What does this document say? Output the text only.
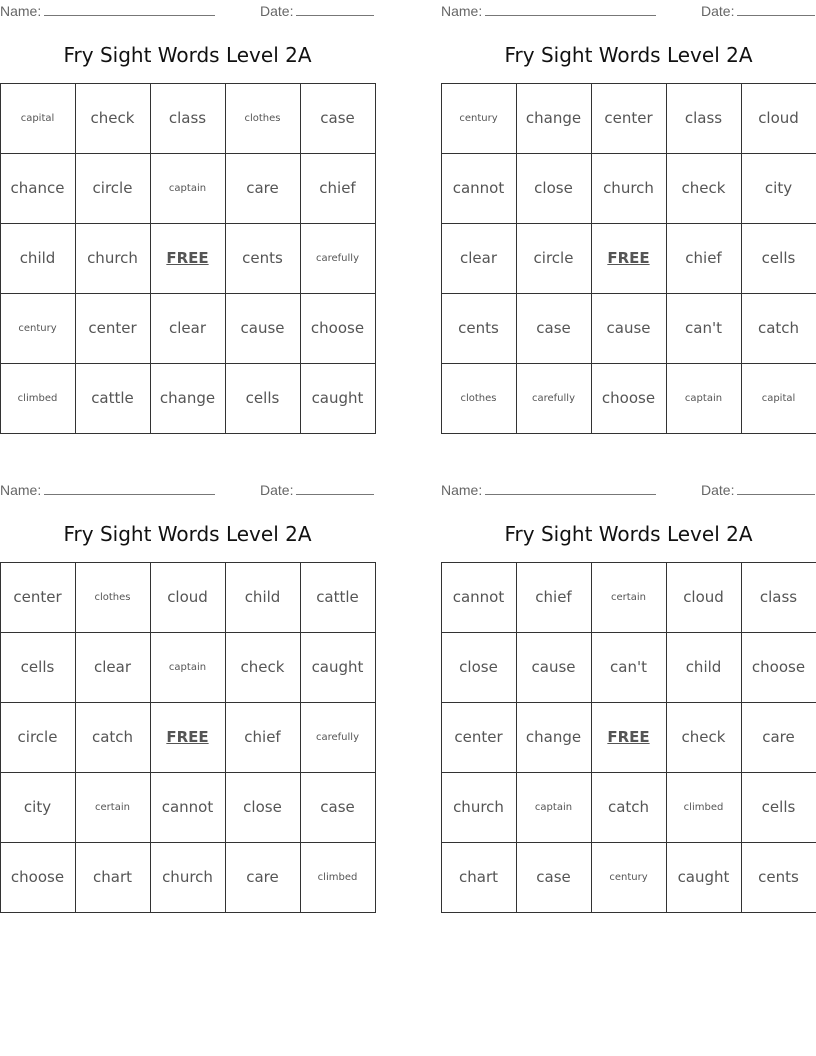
Name:	Date:
Fry Sight Words Level 2A
capital	check	class	clothes	case
chance	circle	captain	care	chief
child	church	FREE	cents	carefully
century	center	clear	cause	choose
climbed	cattle	change	cells	caught
Name:	Date:
Fry Sight Words Level 2A
century	change	center	class	cloud
cannot	close	church	check	city
clear	circle	FREE	chief	cells
cents	case	cause	can't	catch
clothes	carefully	choose	captain	capital
Name:	Date:
Fry Sight Words Level 2A
center	clothes	cloud	child	cattle
cells	clear	captain	check	caught
circle	catch	FREE	chief	carefully
city	certain	cannot	close	case
choose	chart	church	care	climbed
Name:	Date:
Fry Sight Words Level 2A
cannot	chief	certain	cloud	class
close	cause	can't	child	choose
center	change	FREE	check	care
church	captain	catch	climbed	cells
chart	case	century	caught	cents
